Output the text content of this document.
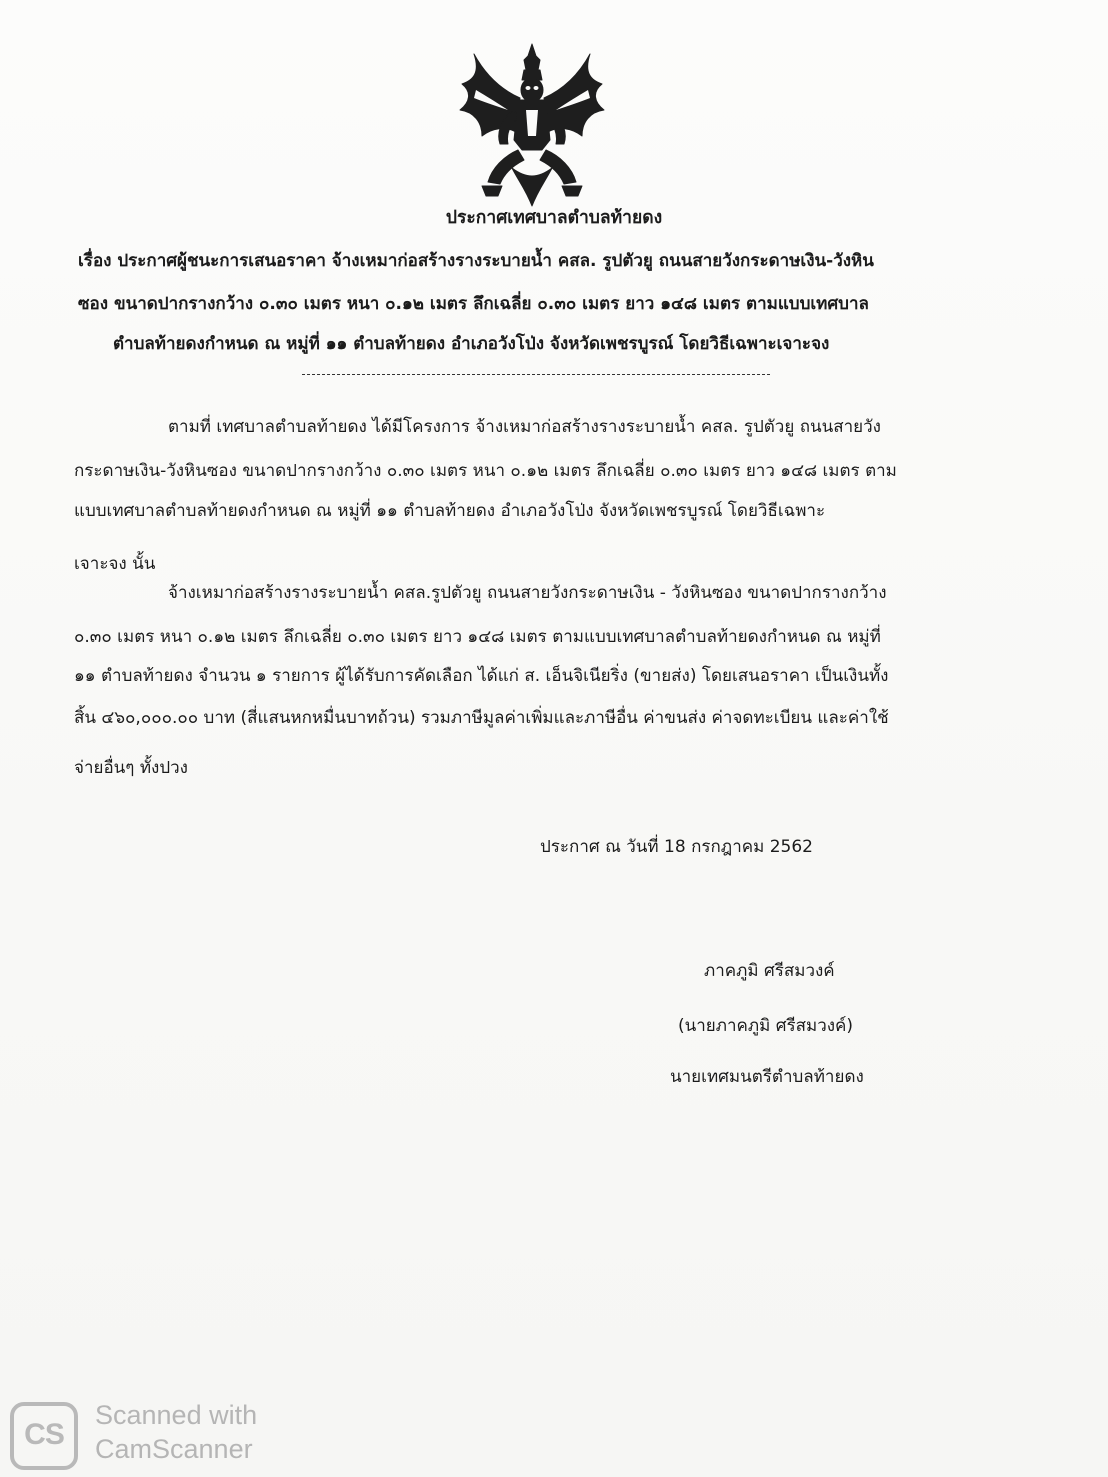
ประกาศเทศบาลตำบลท้ายดง
เรื่อง ประกาศผู้ชนะการเสนอราคา จ้างเหมาก่อสร้างรางระบายน้ำ คสล. รูปตัวยู ถนนสายวังกระดาษเงิน-วังหิน
ซอง ขนาดปากรางกว้าง ๐.๓๐ เมตร หนา ๐.๑๒ เมตร ลึกเฉลี่ย ๐.๓๐ เมตร ยาว ๑๔๘ เมตร ตามแบบเทศบาล
ตำบลท้ายดงกำหนด ณ หมู่ที่ ๑๑ ตำบลท้ายดง อำเภอวังโป่ง จังหวัดเพชรบูรณ์ โดยวิธีเฉพาะเจาะจง
ตามที่ เทศบาลตำบลท้ายดง ได้มีโครงการ จ้างเหมาก่อสร้างรางระบายน้ำ คสล. รูปตัวยู ถนนสายวัง
กระดาษเงิน-วังหินซอง ขนาดปากรางกว้าง ๐.๓๐ เมตร หนา ๐.๑๒ เมตร ลึกเฉลี่ย ๐.๓๐ เมตร ยาว ๑๔๘ เมตร ตาม
แบบเทศบาลตำบลท้ายดงกำหนด ณ หมู่ที่ ๑๑ ตำบลท้ายดง อำเภอวังโป่ง จังหวัดเพชรบูรณ์ โดยวิธีเฉพาะ
เจาะจง นั้น
จ้างเหมาก่อสร้างรางระบายน้ำ คสล.รูปตัวยู ถนนสายวังกระดาษเงิน - วังหินซอง ขนาดปากรางกว้าง
๐.๓๐ เมตร หนา ๐.๑๒ เมตร ลึกเฉลี่ย ๐.๓๐ เมตร ยาว ๑๔๘ เมตร ตามแบบเทศบาลตำบลท้ายดงกำหนด ณ หมู่ที่
๑๑ ตำบลท้ายดง จำนวน ๑ รายการ ผู้ได้รับการคัดเลือก ได้แก่ ส. เอ็นจิเนียริ่ง (ขายส่ง) โดยเสนอราคา เป็นเงินทั้ง
สิ้น ๔๖๐,๐๐๐.๐๐ บาท (สี่แสนหกหมื่นบาทถ้วน) รวมภาษีมูลค่าเพิ่มและภาษีอื่น ค่าขนส่ง ค่าจดทะเบียน และค่าใช้
จ่ายอื่นๆ ทั้งปวง
ประกาศ ณ วันที่ 18 กรกฎาคม 2562
ภาคภูมิ ศรีสมวงค์
(นายภาคภูมิ ศรีสมวงค์)
นายเทศมนตรีตำบลท้ายดง
CS
Scanned with
CamScanner
